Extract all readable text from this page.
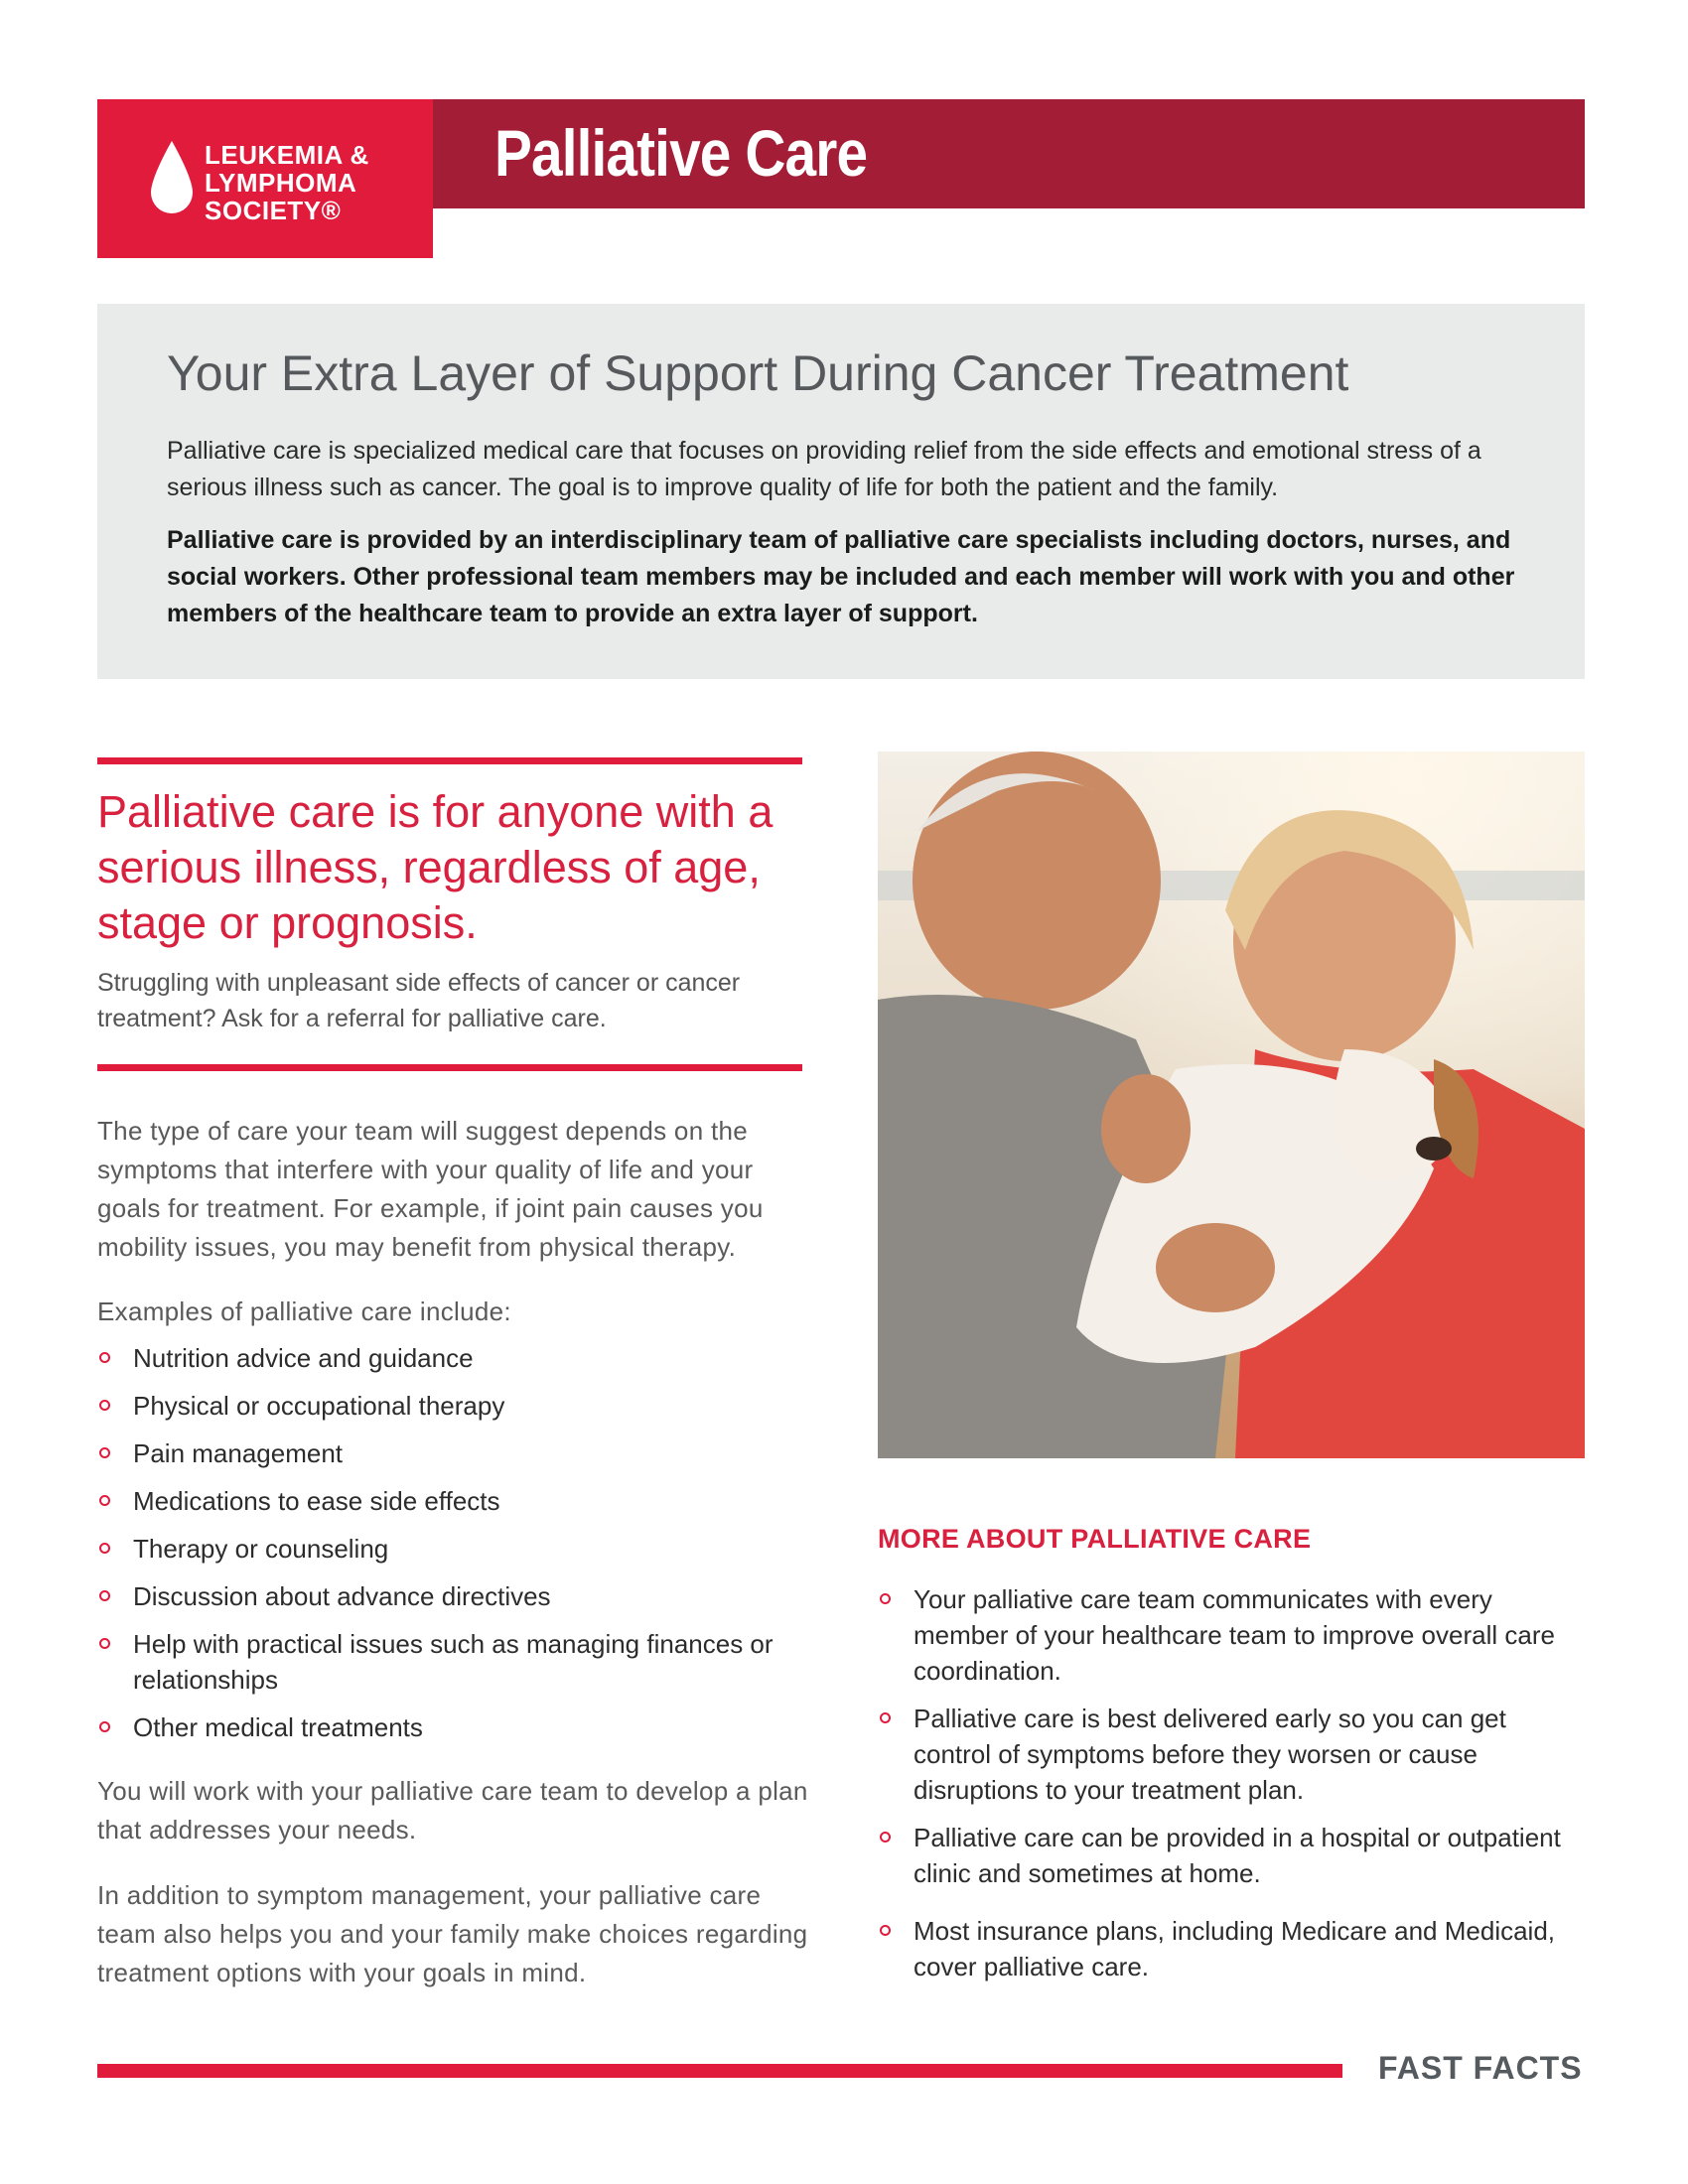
LEUKEMIA &
LYMPHOMA
SOCIETY®
Palliative Care
Your Extra Layer of Support During Cancer Treatment
Palliative care is specialized medical care that focuses on providing relief from the side effects and emotional stress of a serious illness such as cancer. The goal is to improve quality of life for both the patient and the family.
Palliative care is provided by an interdisciplinary team of palliative care specialists including doctors, nurses, and social workers. Other professional team members may be included and each member will work with you and other members of the healthcare team to provide an extra layer of support.
Palliative care is for anyone with a serious illness, regardless of age, stage or prognosis.
Struggling with unpleasant side effects of cancer or cancer treatment? Ask for a referral for palliative care.
The type of care your team will suggest depends on the symptoms that interfere with your quality of life and your goals for treatment. For example, if joint pain causes you mobility issues, you may benefit from physical therapy.
Examples of palliative care include:
Nutrition advice and guidance
Physical or occupational therapy
Pain management
Medications to ease side effects
Therapy or counseling
Discussion about advance directives
Help with practical issues such as managing finances or relationships
Other medical treatments
You will work with your palliative care team to develop a plan that addresses your needs.
In addition to symptom management, your palliative care team also helps you and your family make choices regarding treatment options with your goals in mind.
MORE ABOUT PALLIATIVE CARE
Your palliative care team communicates with every member of your healthcare team to improve overall care coordination.
Palliative care is best delivered early so you can get control of symptoms before they worsen or cause disruptions to your treatment plan.
Palliative care can be provided in a hospital or outpatient clinic and sometimes at home.
Most insurance plans, including Medicare and Medicaid, cover palliative care.
FAST FACTS
